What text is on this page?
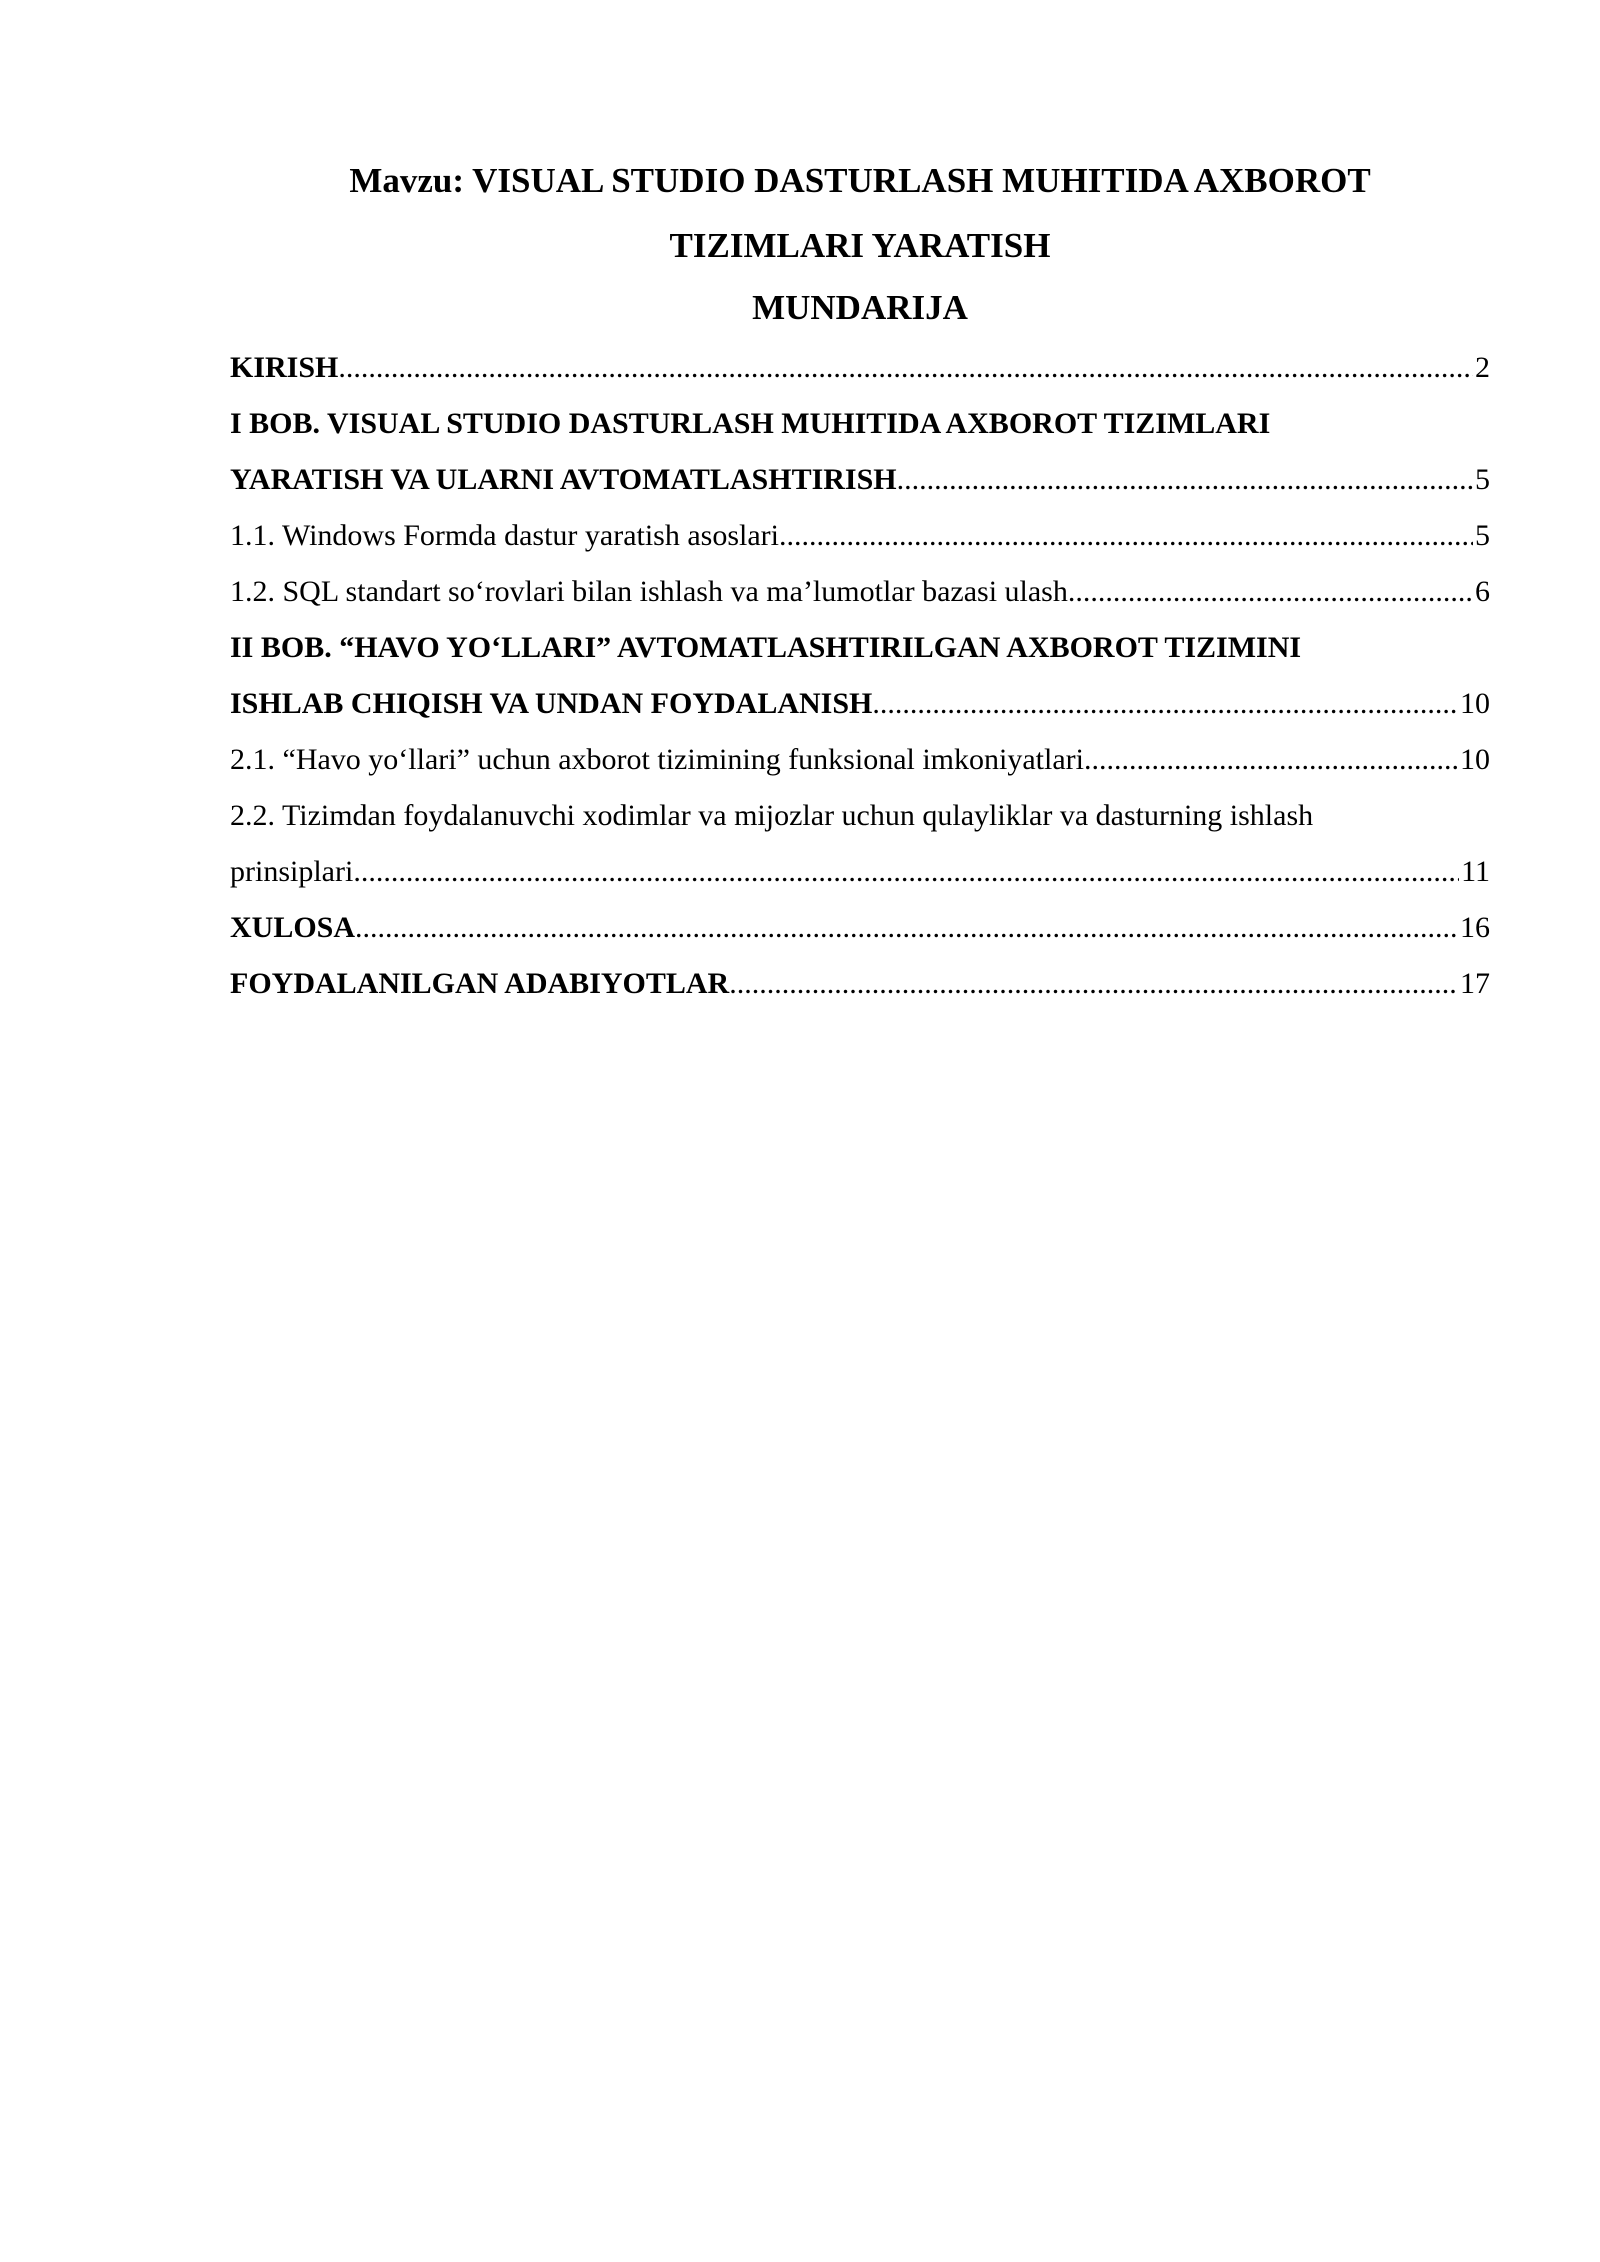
Mavzu: VISUAL STUDIO DASTURLASH MUHITIDA AXBOROT
TIZIMLARI YARATISH
MUNDARIJA
KIRISH .....	2
I BOB. VISUAL STUDIO DASTURLASH MUHITIDA AXBOROT TIZIMLARI
YARATISH VA ULARNI AVTOMATLASHTIRISH .....	5
1.1. Windows Formda dastur yaratish asoslari .....	5
1.2. SQL standart so‘rovlari bilan ishlash va ma’lumotlar bazasi ulash .....	6
II BOB. “HAVO YO‘LLARI” AVTOMATLASHTIRILGAN AXBOROT TIZIMINI
ISHLAB CHIQISH VA UNDAN FOYDALANISH .....	10
2.1. “Havo yo‘llari” uchun axborot tizimining funksional imkoniyatlari .....	10
2.2. Tizimdan foydalanuvchi xodimlar va mijozlar uchun qulayliklar va dasturning ishlash
prinsiplari .....	11
XULOSA .....	16
FOYDALANILGAN ADABIYOTLAR .....	17
